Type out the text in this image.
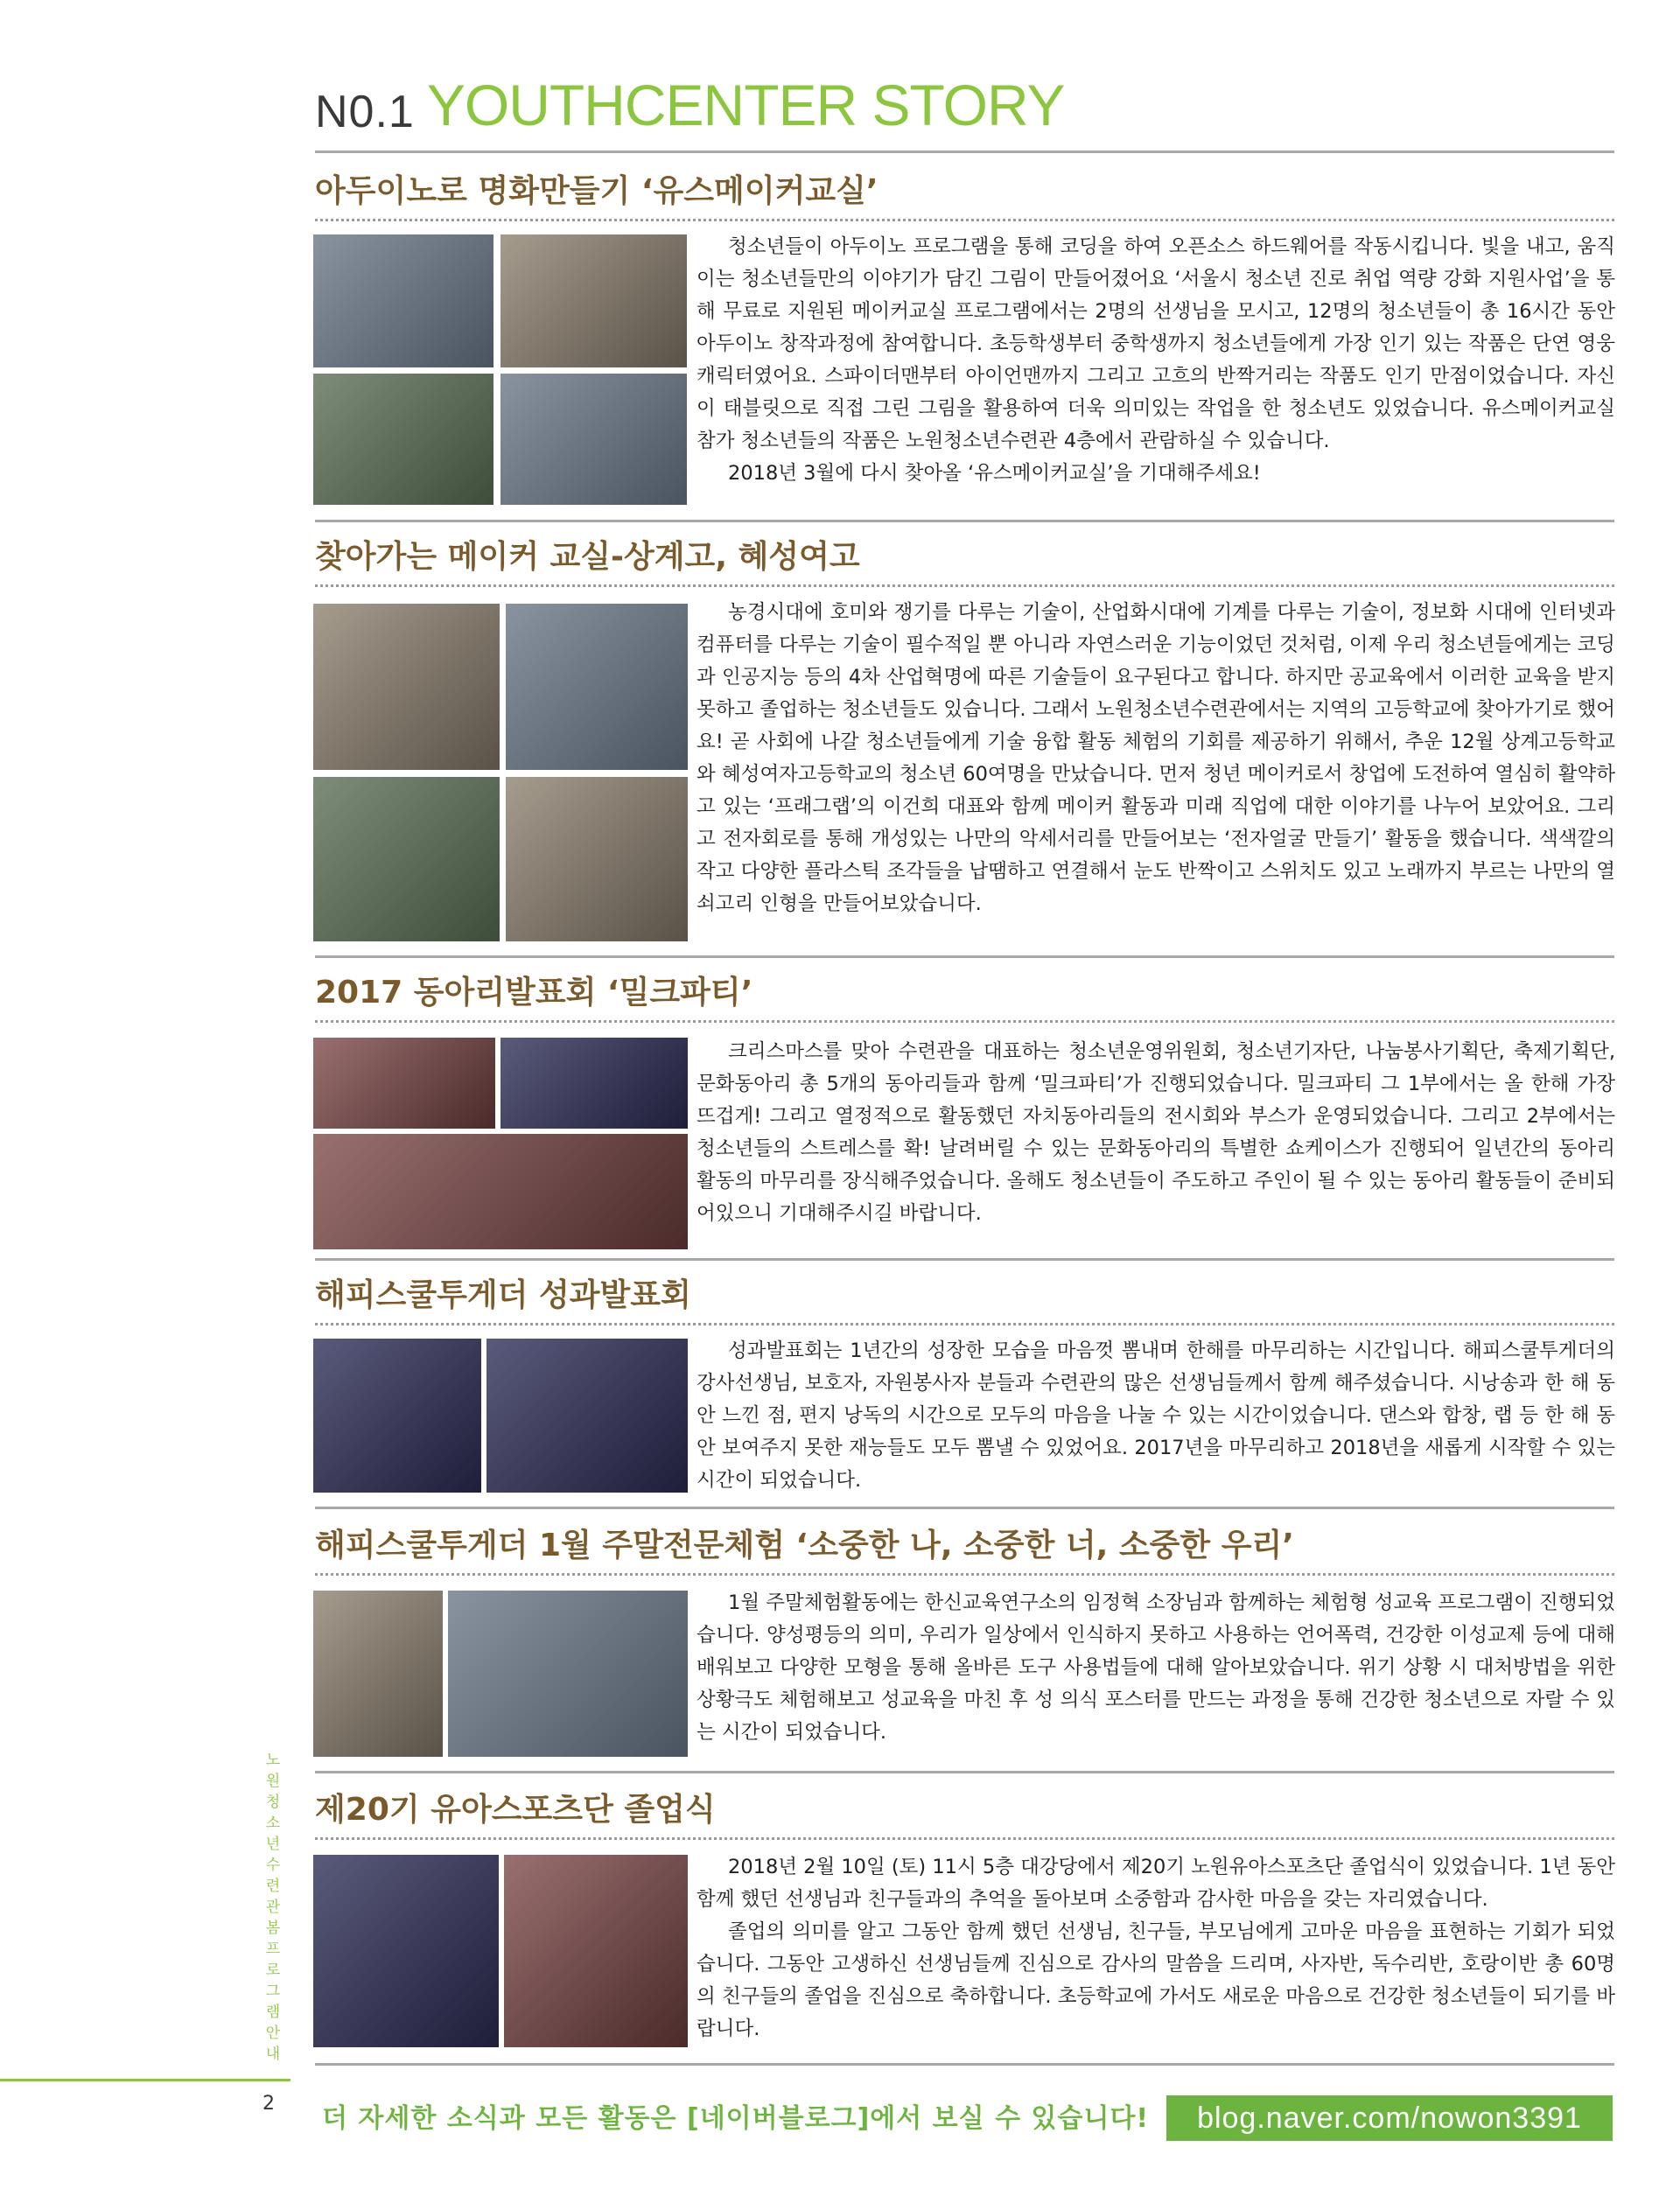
N0.1 YOUTHCENTER STORY
아두이노로 명화만들기 ‘유스메이커교실’

청소년들이 아두이노 프로그램을 통해 코딩을 하여 오픈소스 하드웨어를 작동시킵니다. 빛을 내고, 움직이는 청소년들만의 이야기가 담긴 그림이 만들어졌어요 ‘서울시 청소년 진로 취업 역량 강화 지원사업’을 통해 무료로 지원된 메이커교실 프로그램에서는 2명의 선생님을 모시고, 12명의 청소년들이 총 16시간 동안 아두이노 창작과정에 참여합니다. 초등학생부터 중학생까지 청소년들에게 가장 인기 있는 작품은 단연 영웅 캐릭터였어요. 스파이더맨부터 아이언맨까지 그리고 고흐의 반짝거리는 작품도 인기 만점이었습니다. 자신이 태블릿으로 직접 그린 그림을 활용하여 더욱 의미있는 작업을 한 청소년도 있었습니다. 유스메이커교실 참가 청소년들의 작품은 노원청소년수련관 4층에서 관람하실 수 있습니다.

2018년 3월에 다시 찾아올 ‘유스메이커교실’을 기대해주세요!

찾아가는 메이커 교실-상계고, 혜성여고

농경시대에 호미와 쟁기를 다루는 기술이, 산업화시대에 기계를 다루는 기술이, 정보화 시대에 인터넷과 컴퓨터를 다루는 기술이 필수적일 뿐 아니라 자연스러운 기능이었던 것처럼, 이제 우리 청소년들에게는 코딩과 인공지능 등의 4차 산업혁명에 따른 기술들이 요구된다고 합니다. 하지만 공교육에서 이러한 교육을 받지 못하고 졸업하는 청소년들도 있습니다. 그래서 노원청소년수련관에서는 지역의 고등학교에 찾아가기로 했어요! 곧 사회에 나갈 청소년들에게 기술 융합 활동 체험의 기회를 제공하기 위해서, 추운 12월 상계고등학교와 혜성여자고등학교의 청소년 60여명을 만났습니다. 먼저 청년 메이커로서 창업에 도전하여 열심히 활약하고 있는 ‘프래그랩’의 이건희 대표와 함께 메이커 활동과 미래 직업에 대한 이야기를 나누어 보았어요. 그리고 전자회로를 통해 개성있는 나만의 악세서리를 만들어보는 ‘전자얼굴 만들기’ 활동을 했습니다. 색색깔의 작고 다양한 플라스틱 조각들을 납땜하고 연결해서 눈도 반짝이고 스위치도 있고 노래까지 부르는 나만의 열쇠고리 인형을 만들어보았습니다.

2017 동아리발표회 ‘밀크파티’

크리스마스를 맞아 수련관을 대표하는 청소년운영위원회, 청소년기자단, 나눔봉사기획단, 축제기획단, 문화동아리 총 5개의 동아리들과 함께 ‘밀크파티’가 진행되었습니다. 밀크파티 그 1부에서는 올 한해 가장 뜨겁게! 그리고 열정적으로 활동했던 자치동아리들의 전시회와 부스가 운영되었습니다. 그리고 2부에서는 청소년들의 스트레스를 확! 날려버릴 수 있는 문화동아리의 특별한 쇼케이스가 진행되어 일년간의 동아리 활동의 마무리를 장식해주었습니다. 올해도 청소년들이 주도하고 주인이 될 수 있는 동아리 활동들이 준비되어있으니 기대해주시길 바랍니다.

해피스쿨투게더 성과발표회

성과발표회는 1년간의 성장한 모습을 마음껏 뽐내며 한해를 마무리하는 시간입니다. 해피스쿨투게더의 강사선생님, 보호자, 자원봉사자 분들과 수련관의 많은 선생님들께서 함께 해주셨습니다. 시낭송과 한 해 동안 느낀 점, 편지 낭독의 시간으로 모두의 마음을 나눌 수 있는 시간이었습니다. 댄스와 합창, 랩 등 한 해 동안 보여주지 못한 재능들도 모두 뽐낼 수 있었어요. 2017년을 마무리하고 2018년을 새롭게 시작할 수 있는 시간이 되었습니다.

해피스쿨투게더 1월 주말전문체험 ‘소중한 나, 소중한 너, 소중한 우리’

1월 주말체험활동에는 한신교육연구소의 임정혁 소장님과 함께하는 체험형 성교육 프로그램이 진행되었습니다. 양성평등의 의미, 우리가 일상에서 인식하지 못하고 사용하는 언어폭력, 건강한 이성교제 등에 대해 배워보고 다양한 모형을 통해 올바른 도구 사용법들에 대해 알아보았습니다. 위기 상황 시 대처방법을 위한 상황극도 체험해보고 성교육을 마친 후 성 의식 포스터를 만드는 과정을 통해 건강한 청소년으로 자랄 수 있는 시간이 되었습니다.

제20기 유아스포츠단 졸업식

2018년 2월 10일 (토) 11시 5층 대강당에서 제20기 노원유아스포츠단 졸업식이 있었습니다. 1년 동안 함께 했던 선생님과 친구들과의 추억을 돌아보며 소중함과 감사한 마음을 갖는 자리였습니다.

졸업의 의미를 알고 그동안 함께 했던 선생님, 친구들, 부모님에게 고마운 마음을 표현하는 기회가 되었습니다. 그동안 고생하신 선생님들께 진심으로 감사의 말씀을 드리며, 사자반, 독수리반, 호랑이반 총 60명의 친구들의 졸업을 진심으로 축하합니다. 초등학교에 가서도 새로운 마음으로 건강한 청소년들이 되기를 바랍니다.

노원청소년수련관 봄 프로그램 안내
2 더 자세한 소식과 모든 활동은 [네이버블로그]에서 보실 수 있습니다!	blog.naver.com/nowon3391
